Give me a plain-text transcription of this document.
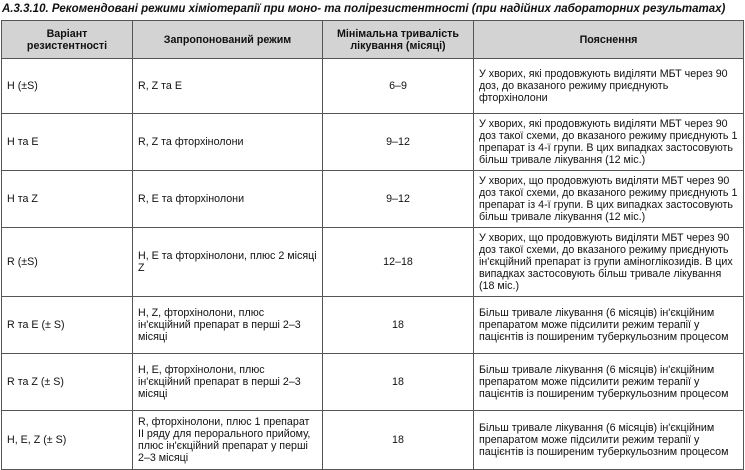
А.3.3.10. Рекомендовані режими хіміотерапії при моно- та полірезистентності (при надійних лабораторних результатах)
Варіант резистентності	Запропонований режим	Мінімальна тривалість лікування (місяці)	Пояснення
H (±S)	R, Z та E	6–9	У хворих, які продовжують виділяти МБТ через 90 доз, до вказаного режиму приєднують фторхінолони
H та E	R, Z та фторхінолони	9–12	У хворих, які продовжують виділяти МБТ через 90 доз такої схеми, до вказаного режиму приєднують 1 препарат із 4-ї групи. В цих випадках застосовують більш тривале лікування (12 міс.)
H та Z	R, E та фторхінолони	9–12	У хворих, що продовжують виділяти МБТ через 90 доз такої схеми, до вказаного режиму приєднують 1 препарат із 4-ї групи. В цих випадках застосовують більш тривале лікування (12 міс.)
R (±S)	H, E та фторхінолони, плюс 2 місяці Z	12–18	У хворих, що продовжують виділяти МБТ через 90 доз такої схеми, до вказаного режиму приєднують ін'єкційний препарат із групи аміноглікозидів. В цих випадках застосовують більш тривале лікування (18 міс.)
R та E (± S)	H, Z, фторхінолони, плюс ін'єкційний препарат в перші 2–3 місяці	18	Більш тривале лікування (6 місяців) ін'єкційним препаратом може підсилити режим терапії у пацієнтів із поширеним туберкульозним процесом
R та Z (± S)	H, E, фторхінолони, плюс ін'єкційний препарат в перші 2–3 місяці	18	Більш тривале лікування (6 місяців) ін'єкційним препаратом може підсилити режим терапії у пацієнтів із поширеним туберкульозним процесом
H, E, Z (± S)	R, фторхінолони, плюс 1 препарат II ряду для перорального прийому, плюс ін'єкційний препарат у перші 2–3 місяці	18	Більш тривале лікування (6 місяців) ін'єкційним препаратом може підсилити режим терапії у пацієнтів із поширеним туберкульозним процесом
